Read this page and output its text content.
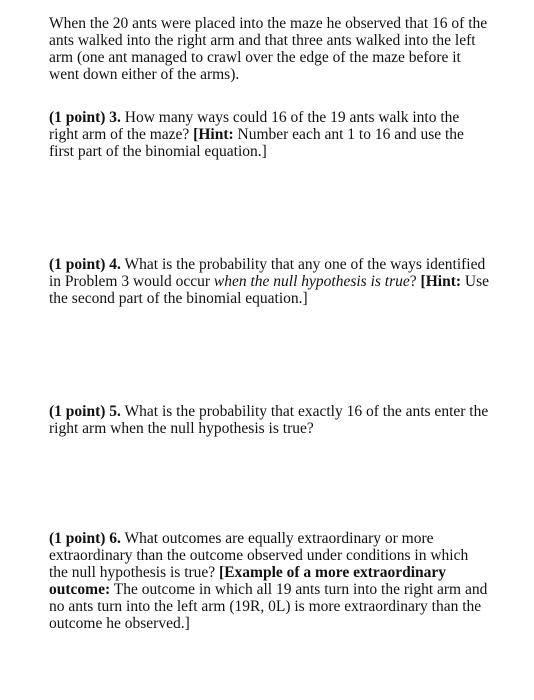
When the 20 ants were placed into the maze he observed that 16 of the ants walked into the right arm and that three ants walked into the left arm (one ant managed to crawl over the edge of the maze before it went down either of the arms).

(1 point) 3. How many ways could 16 of the 19 ants walk into the right arm of the maze? [Hint: Number each ant 1 to 16 and use the first part of the binomial equation.]

(1 point) 4. What is the probability that any one of the ways identified in Problem 3 would occur when the null hypothesis is true? [Hint: Use the second part of the binomial equation.]

(1 point) 5. What is the probability that exactly 16 of the ants enter the right arm when the null hypothesis is true?

(1 point) 6. What outcomes are equally extraordinary or more extraordinary than the outcome observed under conditions in which the null hypothesis is true? [Example of a more extraordinary outcome: The outcome in which all 19 ants turn into the right arm and no ants turn into the left arm (19R, 0L) is more extraordinary than the outcome he observed.]
